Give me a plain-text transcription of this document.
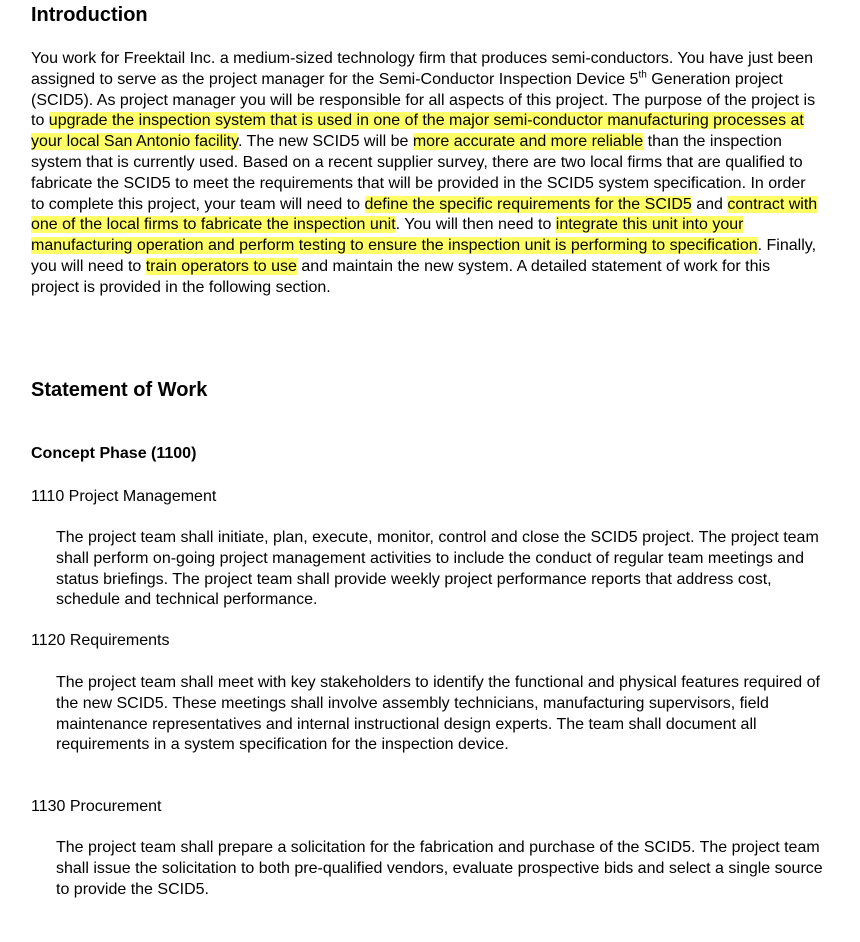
Introduction

You work for Freektail Inc. a medium-sized technology firm that produces semi-conductors. You have just been assigned to serve as the project manager for the Semi-Conductor Inspection Device 5th Generation project (SCID5). As project manager you will be responsible for all aspects of this project. The purpose of the project is to upgrade the inspection system that is used in one of the major semi-conductor manufacturing processes at your local San Antonio facility. The new SCID5 will be more accurate and more reliable than the inspection system that is currently used. Based on a recent supplier survey, there are two local firms that are qualified to fabricate the SCID5 to meet the requirements that will be provided in the SCID5 system specification. In order to complete this project, your team will need to define the specific requirements for the SCID5 and contract with one of the local firms to fabricate the inspection unit. You will then need to integrate this unit into your manufacturing operation and perform testing to ensure the inspection unit is performing to specification. Finally, you will need to train operators to use and maintain the new system. A detailed statement of work for this project is provided in the following section.

Statement of Work
Concept Phase (1100)

1110 Project Management

The project team shall initiate, plan, execute, monitor, control and close the SCID5 project. The project team shall perform on-going project management activities to include the conduct of regular team meetings and status briefings. The project team shall provide weekly project performance reports that address cost, schedule and technical performance.

1120 Requirements

The project team shall meet with key stakeholders to identify the functional and physical features required of the new SCID5. These meetings shall involve assembly technicians, manufacturing supervisors, field maintenance representatives and internal instructional design experts. The team shall document all requirements in a system specification for the inspection device.

1130 Procurement

The project team shall prepare a solicitation for the fabrication and purchase of the SCID5. The project team shall issue the solicitation to both pre-qualified vendors, evaluate prospective bids and select a single source to provide the SCID5.
